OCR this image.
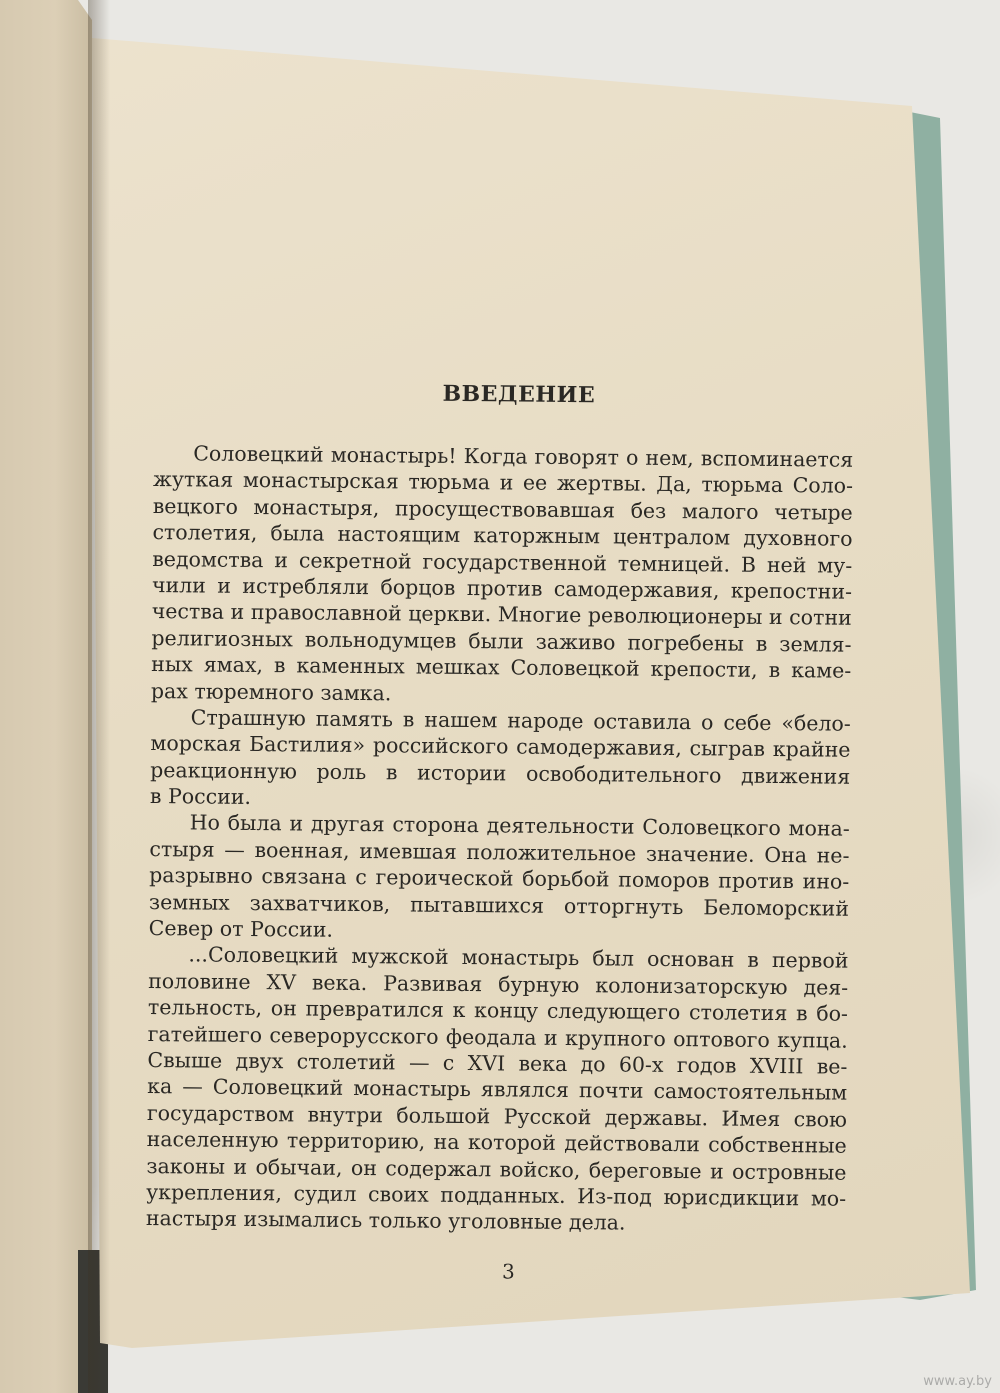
ВВЕДЕНИЕ
Соловецкий монастырь! Когда говорят о нем, вспоминается
жуткая монастырская тюрьма и ее жертвы. Да, тюрьма Соло-
вецкого монастыря, просуществовавшая без малого четыре
столетия, была настоящим каторжным централом духовного
ведомства и секретной государственной темницей. В ней му-
чили и истребляли борцов против самодержавия, крепостни-
чества и православной церкви. Многие революционеры и сотни
религиозных вольнодумцев были заживо погребены в земля-
ных ямах, в каменных мешках Соловецкой крепости, в каме-
рах тюремного замка.
Страшную память в нашем народе оставила о себе «бело-
морская Бастилия» российского самодержавия, сыграв крайне
реакционную роль в истории освободительного движения
в России.
Но была и другая сторона деятельности Соловецкого мона-
стыря — военная, имевшая положительное значение. Она не-
разрывно связана с героической борьбой поморов против ино-
земных захватчиков, пытавшихся отторгнуть Беломорский
Север от России.
...Соловецкий мужской монастырь был основан в первой
половине XV века. Развивая бурную колонизаторскую дея-
тельность, он превратился к концу следующего столетия в бо-
гатейшего северорусского феодала и крупного оптового купца.
Свыше двух столетий — с XVI века до 60-х годов XVIII ве-
ка — Соловецкий монастырь являлся почти самостоятельным
государством внутри большой Русской державы. Имея свою
населенную территорию, на которой действовали собственные
законы и обычаи, он содержал войско, береговые и островные
укрепления, судил своих подданных. Из-под юрисдикции мо-
настыря изымались только уголовные дела.
3
www.ay.by
